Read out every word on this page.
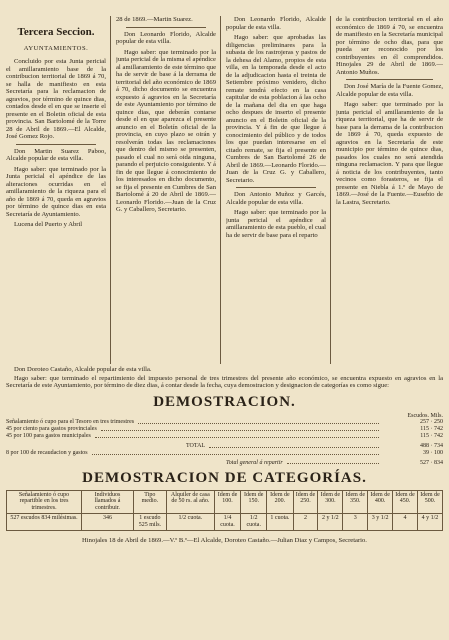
Tercera Seccion.
AYUNTAMIENTOS.

Concluido por esta Junta pericial el amillaramiento base de la contribucion territorial de 1869 á 70, se halla de manifiesto en esta Secretaría para la reclamacion de agravios, por término de quince dias, contados desde el en que se inserte el presente en el Boletin oficial de esta provincia. San Bartolomé de la Torre 28 de Abril de 1869.—El Alcalde, José Gomez Rojo.

Don Martin Suarez Paboo, Alcalde popular de esta villa.

Hago saber: que terminado por la Junta pericial el apéndice de las alteraciones ocurridas en el amillaramiento de la riqueza para el año de 1869 á 70, queda en agravios por término de quince dias en esta Secretaría de Ayuntamiento.

Lucena del Puerto y Abril

28 de 1869.—Martin Suarez.

Don Leonardo Florido, Alcalde popular de esta villa.

Hago saber: que terminado por la junta pericial de la misma el apéndice al amillaramiento de este término que ha de servir de base á la derrama de territorial del año económico de 1869 á 70, dicho documento se encuentra expuesto á agravios en la Secretaría de este Ayuntamiento por término de quince dias, que deberán contarse desde el en que aparezca el presente anuncio en el Boletín oficial de la provincia, en cuyo plazo se oirán y resolverán todas las reclamaciones que dentro del mismo se presenten, pasado el cual no será oida ninguna, parando el perjuicio consiguiente. Y á fin de que llegue á conocimiento de los interesados en dicho documento, se fija el presente en Cumbres de San Bartolomé á 20 de Abril de 1869.—Leonardo Florido.—Juan de la Cruz G. y Caballero, Secretario.

Don Leonardo Florido, Alcalde popular de esta villa.

Hago saber: que aprobadas las diligencias preliminares para la subasta de los rastrojeras y pastos de la dehesa del Alamo, propios de esta villa, en la temporada desde el acto de la adjudicacion hasta el treinta de Setiembre próximo venidero, dicho remate tendrá efecto en la casa capitular de esta poblacion á las ocho de la mañana del dia en que haga ocho despues de inserto el presente anuncio en el Boletin oficial de la provincia. Y á fin de que llegue á conocimiento del público y de todos los que puedan interesarse en el citado remate, se fija el presente en Cumbres de San Bartolomé 26 de Abril de 1869.—Leonardo Florido.—Juan de la Cruz G. y Caballero, Secretario.

Don Antonio Muñoz y Garcés, Alcalde popular de esta villa.

Hago saber: que terminado por la junta pericial el apéndice al amillaramiento de esta pueblo, el cual ha de servir de base para el reparto

de la contribucion territorial en el año económico de 1869 á 70, se encuentra de manifiesto en la Secretaría municipal por término de ocho dias, para que pueda ser reconocido por los contribuyentes en él comprendidos. Hinojales 29 de Abril de 1869.—Antonio Muños.

Don José María de la Fuente Gomez, Alcalde popular de esta villa.

Hago saber: que terminado por la junta pericial el amillaramiento de la riqueza territorial, que ha de servir de base para la derrama de la contribucion de 1869 á 70, queda expuesto de agravios en la Secretaría de este municipio por término de quince dias, pasados los cuales no será atendida ninguna reclamacion. Y para que llegue á noticia de los contribuyentes, tanto vecinos como forasteros, se fija el presente en Niebla á 1.º de Mayo de 1869.—José de la Fuente.—Eusebio de la Lastra, Secretario.

Don Doroteo Castaño, Alcalde popular de esta villa.

Hago saber: que terminado el repartimiento del impuesto personal de tres trimestres del presente año económico, se encuentra expuesto en agravios en la Secretaría de este Ayuntamiento, por término de diez dias, á contar desde la fecha, cuya demostracion y designacion de categorías es como sigue:

DEMOSTRACION.
Escudos. Mils.
Señalamiento ó cupo para el Tesoro en tres trimestres	257 · 250
45 por ciento para gastos provinciales	115 · 742
45 por 100 para gastos municipales	115 · 742
TOTAL	488 · 734
8 por 100 de recaudacion y gastos	39 · 100
Total general á repartir	527 · 834
DEMOSTRACION DE CATEGORÍAS.
Señalamiento ó cupo repartible en los tres trimestres.	Individuos llamados á contribuir.	Tipo medio.	Alquiler de casa de 50 rs. al año.	Idem de 100.	Idem de 150.	Idem de 200.	Idem de 250.	Idem de 300.	Idem de 350.	Idem de 400.	Idem de 450.	Idem de 500.
527 escudos 834 milésimas.	346	1 escudo 525 mils.	1/2 cuota.	1/4 cuota.	1/2 cuota.	1 cuota.	2	2 y 1/2	3	3 y 1/2	4	4 y 1/2
Hinojales 18 de Abril de 1869.—V.º B.º—El Alcalde, Doroteo Castaño.—Julian Diaz y Campos, Secretario.
